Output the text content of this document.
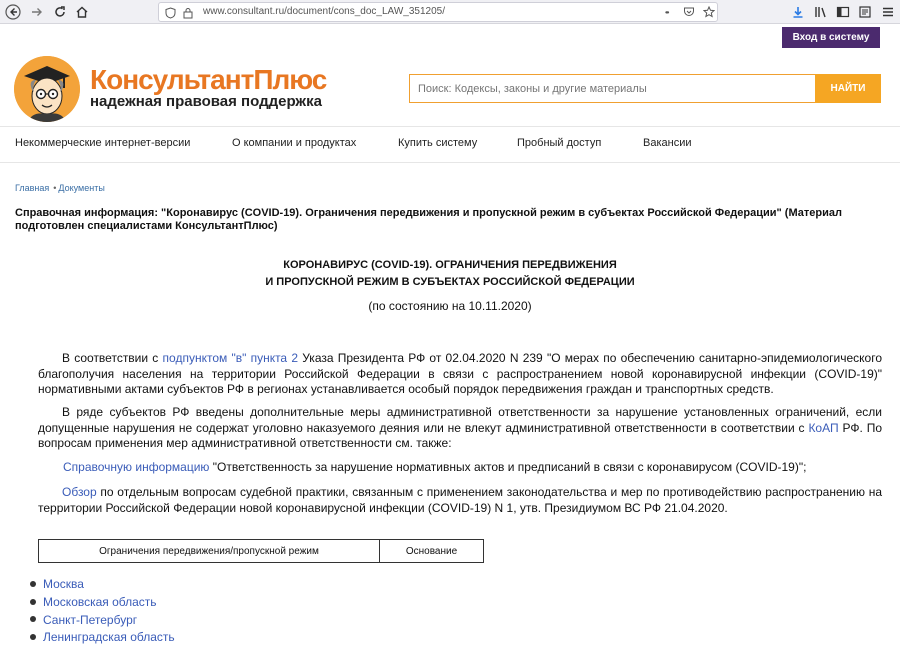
www.consultant.ru/document/cons_doc_LAW_351205/	•••
Вход в систему
КонсультантПлюс
надежная правовая поддержка
Поиск: Кодексы, законы и другие материалы
НАЙТИ
Некоммерческие интернет-версии	О компании и продуктах	Купить систему	Пробный доступ	Вакансии
Главная • Документы
Справочная информация: "Коронавирус (COVID-19). Ограничения передвижения и пропускной режим в субъектах Российской Федерации" (Материал подготовлен специалистами КонсультантПлюс)
КОРОНАВИРУС (COVID-19). ОГРАНИЧЕНИЯ ПЕРЕДВИЖЕНИЯ
И ПРОПУСКНОЙ РЕЖИМ В СУБЪЕКТАХ РОССИЙСКОЙ ФЕДЕРАЦИИ
(по состоянию на 10.11.2020)
В соответствии с подпунктом "в" пункта 2 Указа Президента РФ от 02.04.2020 N 239 "О мерах по обеспечению санитарно-эпидемиологического благополучия населения на территории Российской Федерации в связи с распространением новой коронавирусной инфекции (COVID-19)" нормативными актами субъектов РФ в регионах устанавливается особый порядок передвижения граждан и транспортных средств.
В ряде субъектов РФ введены дополнительные меры административной ответственности за нарушение установленных ограничений, если допущенные нарушения не содержат уголовно наказуемого деяния или не влекут административной ответственности в соответствии с КоАП РФ. По вопросам применения мер административной ответственности см. также:
Справочную информацию "Ответственность за нарушение нормативных актов и предписаний в связи с коронавирусом (COVID-19)";
Обзор по отдельным вопросам судебной практики, связанным с применением законодательства и мер по противодействию распространению на территории Российской Федерации новой коронавирусной инфекции (COVID-19) N 1, утв. Президиумом ВС РФ 21.04.2020.
Ограничения передвижения/пропускной режим	Основание
Москва
Московская область
Санкт-Петербург
Ленинградская область
